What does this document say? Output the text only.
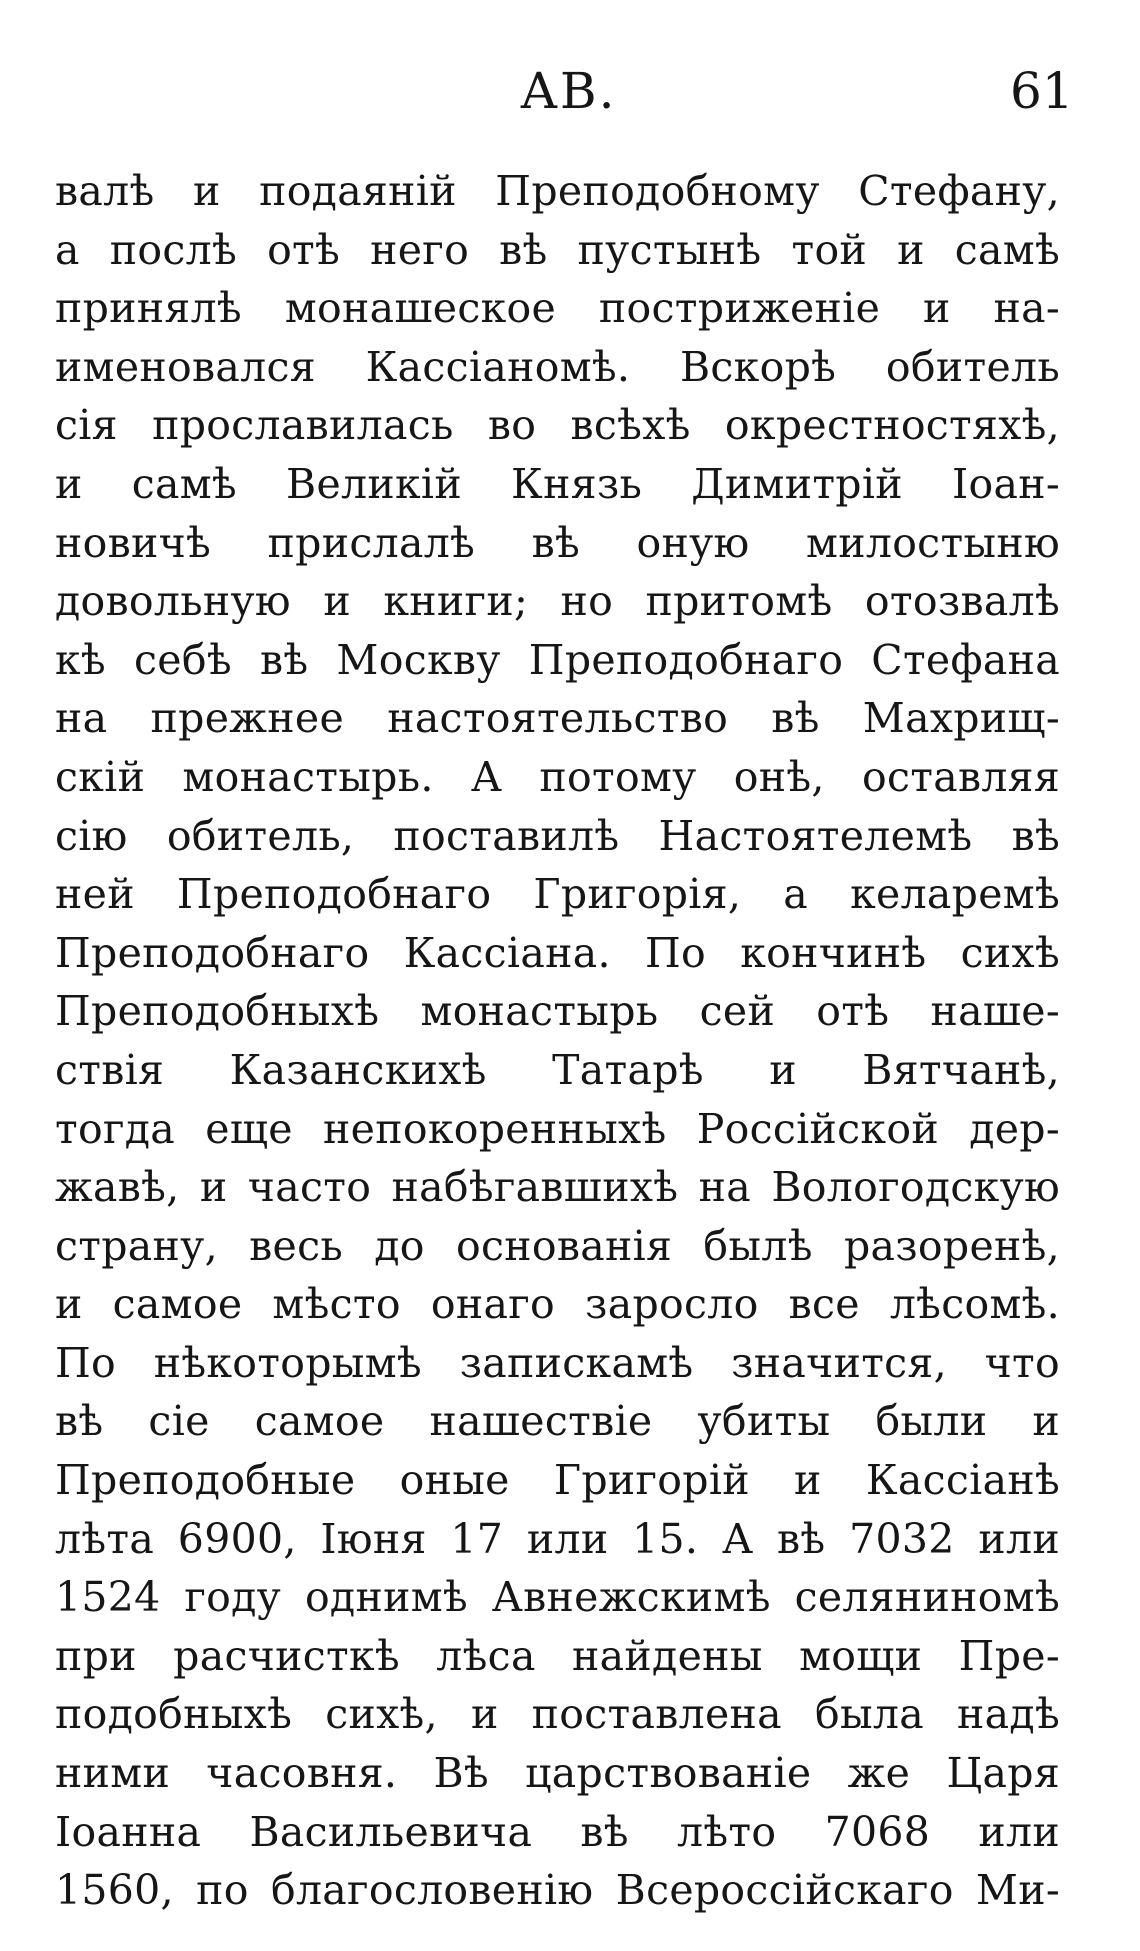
АВ.	61
валѣ и подаяній Преподобному Стефану,
а послѣ отѣ него вѣ пустынѣ той и самѣ
принялѣ монашеское постриженіе и на-
именовался Кассіаномѣ. Вскорѣ обитель
сія прославилась во всѣхѣ окрестностяхѣ,
и самѣ Великій Князь Димитрій Іоан-
новичѣ прислалѣ вѣ оную милостыню
довольную и книги; но притомѣ отозвалѣ
кѣ себѣ вѣ Москву Преподобнаго Стефана
на прежнее настоятельство вѣ Махрищ-
скій монастырь. А потому онѣ, оставляя
сію обитель, поставилѣ Настоятелемѣ вѣ
ней Преподобнаго Григорія, а келаремѣ
Преподобнаго Кассіана. По кончинѣ сихѣ
Преподобныхѣ монастырь сей отѣ наше-
ствія Казанскихѣ Татарѣ и Вятчанѣ,
тогда еще непокоренныхѣ Россійской дер-
жавѣ, и часто набѣгавшихѣ на Вологодскую
страну, весь до основанія былѣ разоренѣ,
и самое мѣсто онаго заросло все лѣсомѣ.
По нѣкоторымѣ запискамѣ значится, что
вѣ сіе самое нашествіе убиты были и
Преподобные оные Григорій и Кассіанѣ
лѣта 6900, Іюня 17 или 15. А вѣ 7032 или
1524 году однимѣ Авнежскимѣ селяниномѣ
при расчисткѣ лѣса найдены мощи Пре-
подобныхѣ сихѣ, и поставлена была надѣ
ними часовня. Вѣ царствованіе же Царя
Іоанна Васильевича вѣ лѣто 7068 или
1560, по благословенію Всероссійскаго Ми-
